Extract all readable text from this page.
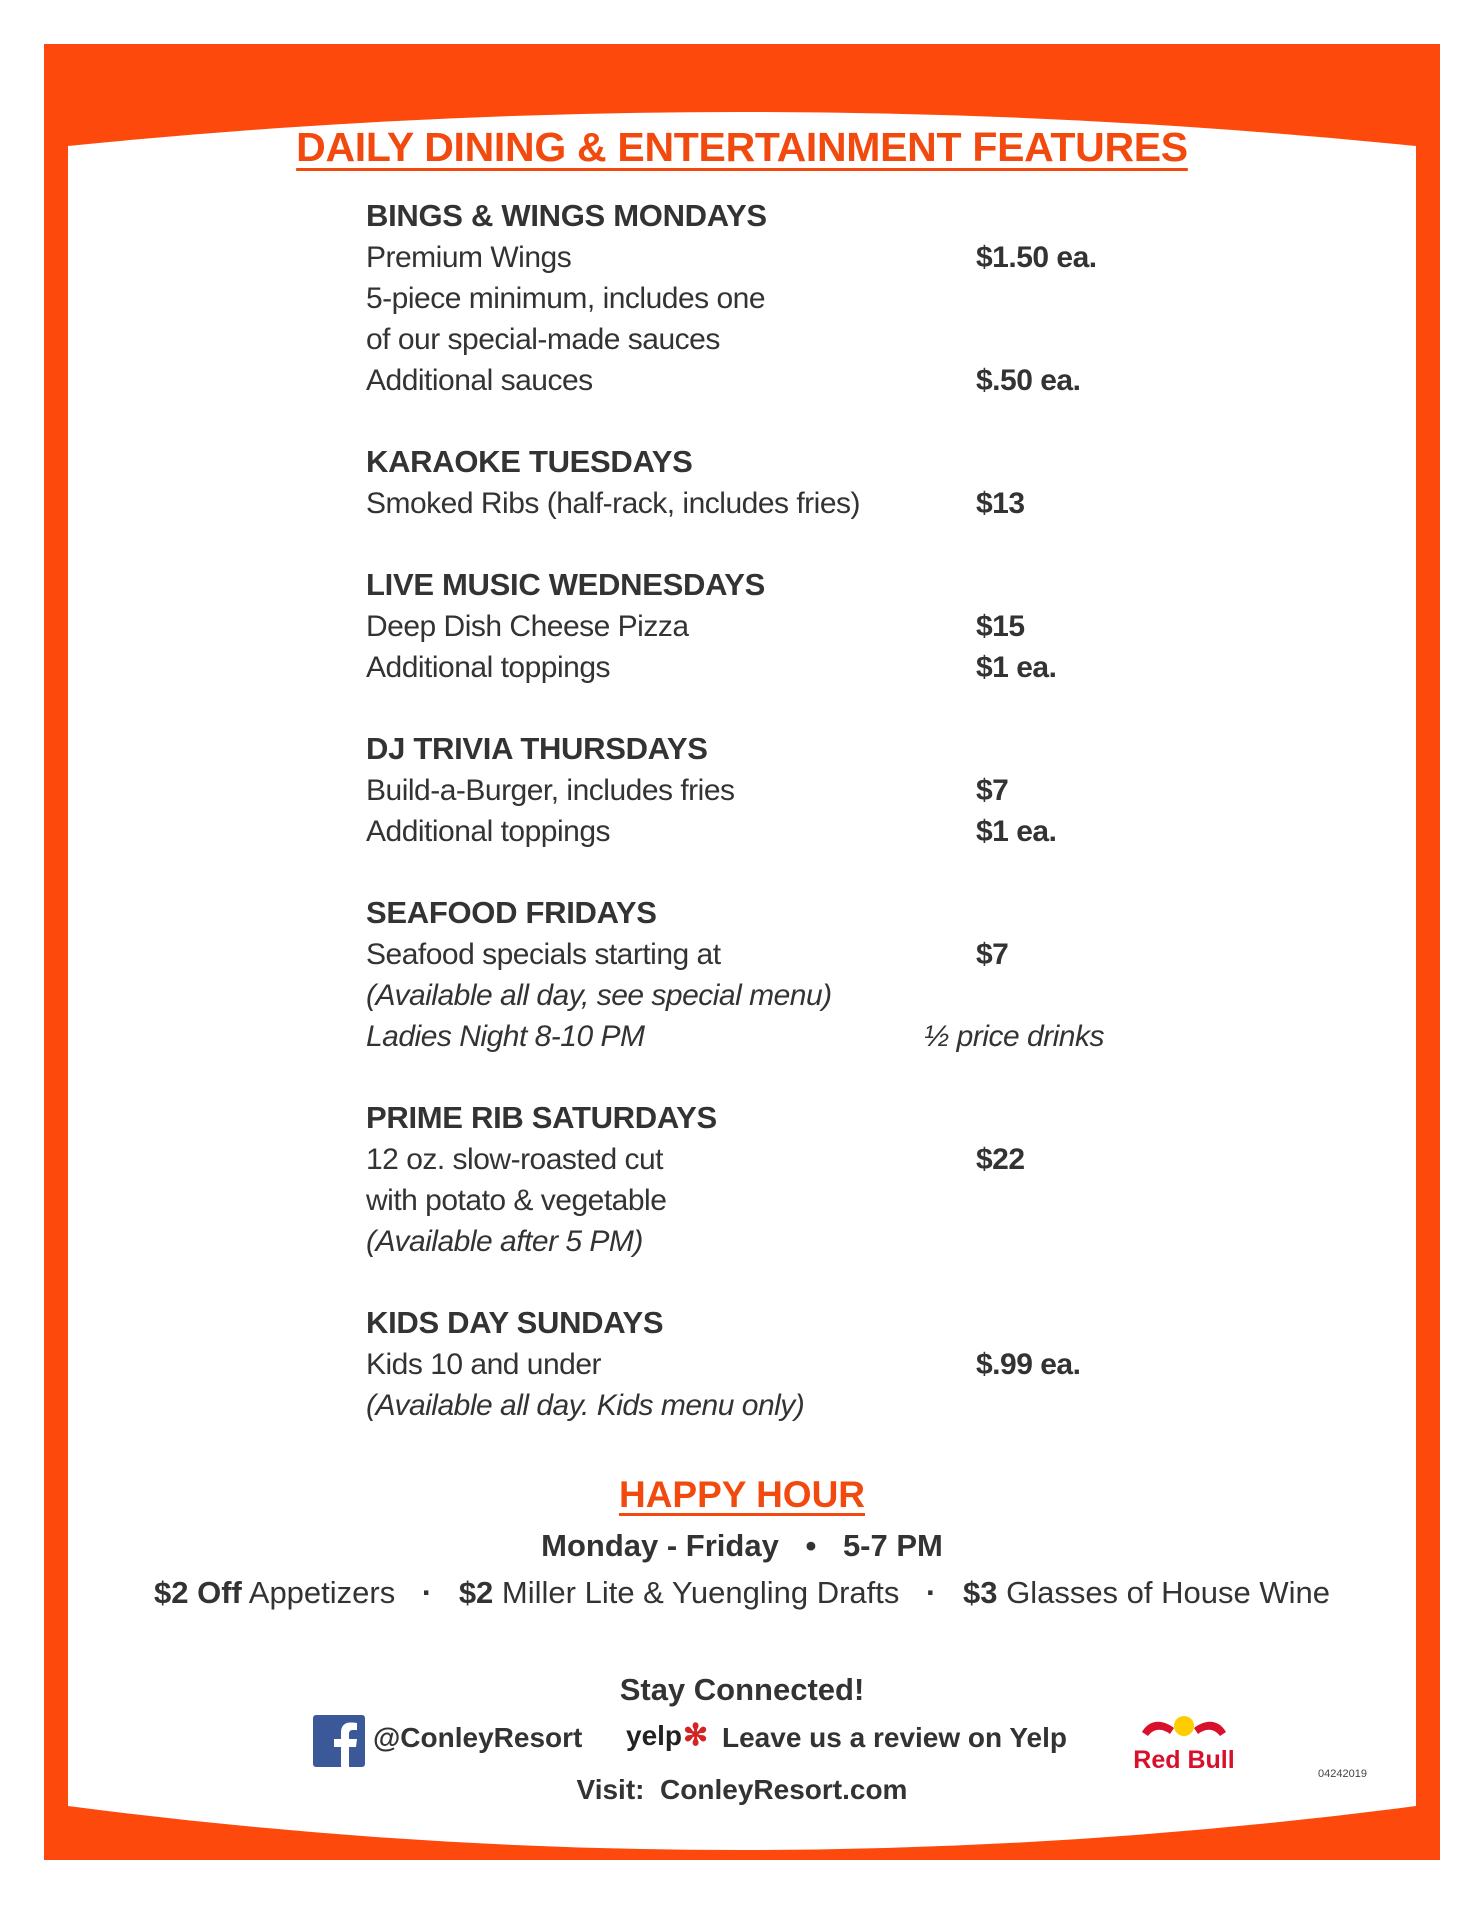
DAILY DINING & ENTERTAINMENT FEATURES
BINGS & WINGS MONDAYS
Premium Wings	$1.50 ea.
5-piece minimum, includes one
of our special-made sauces
Additional sauces	$.50 ea.
KARAOKE TUESDAYS
Smoked Ribs (half-rack, includes fries)	$13
LIVE MUSIC WEDNESDAYS
Deep Dish Cheese Pizza	$15
Additional toppings	$1 ea.
DJ TRIVIA THURSDAYS
Build-a-Burger, includes fries	$7
Additional toppings	$1 ea.
SEAFOOD FRIDAYS
Seafood specials starting at	$7
(Available all day, see special menu)
Ladies Night 8-10 PM	½ price drinks
PRIME RIB SATURDAYS
12 oz. slow-roasted cut	$22
with potato & vegetable
(Available after 5 PM)
KIDS DAY SUNDAYS
Kids 10 and under	$.99 ea.
(Available all day. Kids menu only)
HAPPY HOUR
Monday - Friday • 5-7 PM
$2 Off Appetizers · $2 Miller Lite & Yuengling Drafts · $3 Glasses of House Wine
Stay Connected!
@ConleyResort yelp✻ Leave us a review on Yelp
Visit: ConleyResort.com
Red Bull	04242019
